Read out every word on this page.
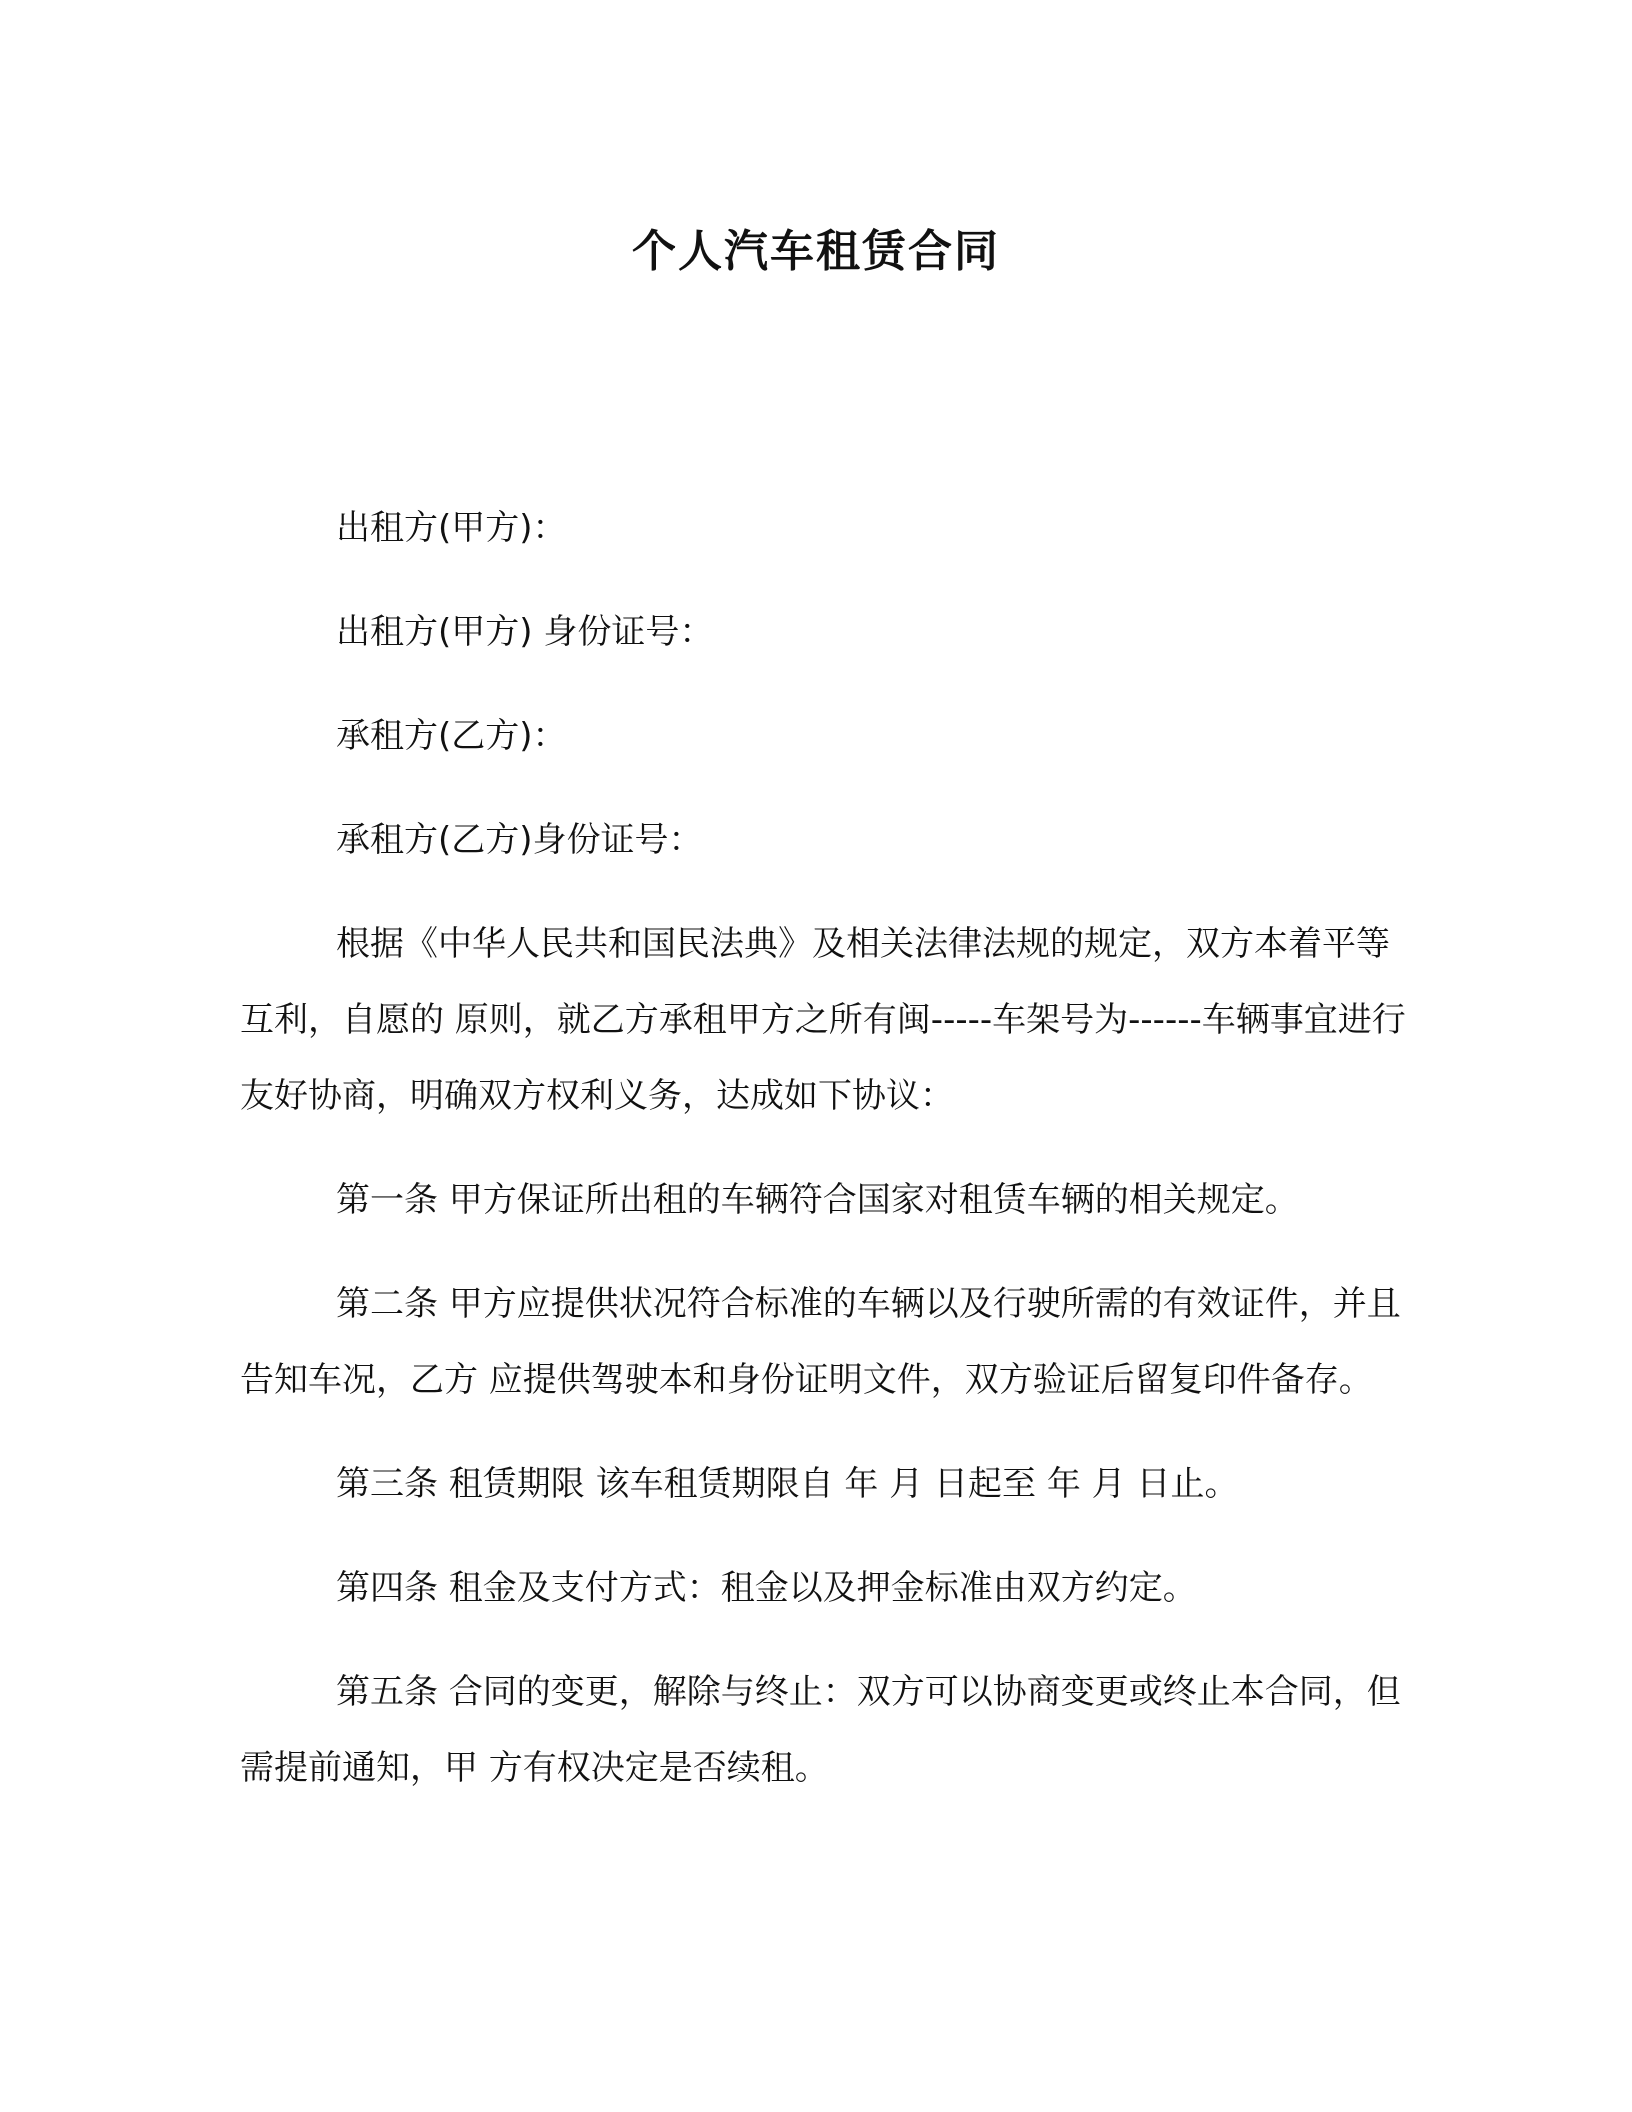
个人汽车租赁合同

出租方(甲方)：

出租方(甲方) 身份证号：

承租方(乙方)：

承租方(乙方)身份证号：

根据《中华人民共和国民法典》及相关法律法规的规定，双方本着平等互利，自愿的 原则，就乙方承租甲方之所有闽-----车架号为------车辆事宜进行友好协商，明确双方权利义务，达成如下协议：

第一条 甲方保证所出租的车辆符合国家对租赁车辆的相关规定。

第二条 甲方应提供状况符合标准的车辆以及行驶所需的有效证件，并且告知车况，乙方 应提供驾驶本和身份证明文件，双方验证后留复印件备存。

第三条 租赁期限 该车租赁期限自 年 月 日起至 年 月 日止。

第四条 租金及支付方式：租金以及押金标准由双方约定。

第五条 合同的变更，解除与终止：双方可以协商变更或终止本合同，但需提前通知，甲 方有权决定是否续租。
